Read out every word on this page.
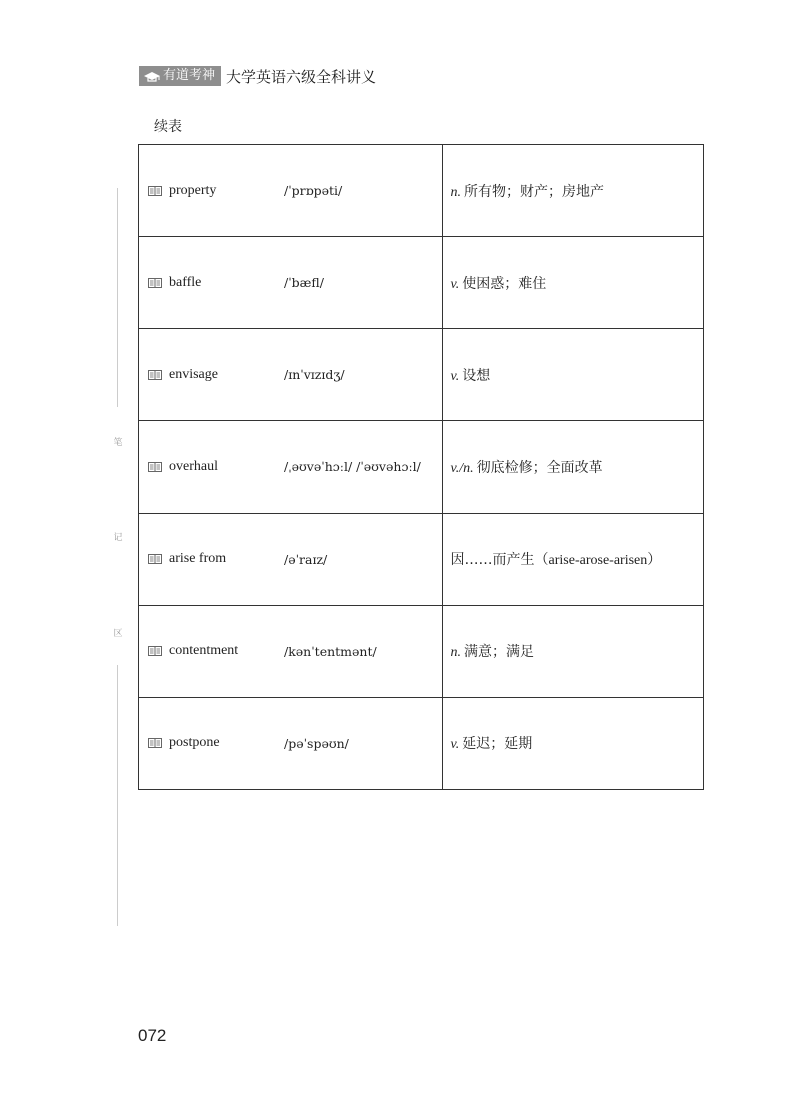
有道考神 大学英语六级全科讲义
续表
笔
记
区
property /ˈprɒpəti/	n. 所有物；财产；房地产

baffle /ˈbæfl/	v. 使困惑；难住

envisage /ɪnˈvɪzɪdʒ/	v. 设想

overhaul /ˌəʊvəˈhɔːl/ /ˈəʊvəhɔːl/	v./n. 彻底检修；全面改革

arise from /əˈraɪz/	因……而产生（arise-arose-arisen）

contentment /kənˈtentmənt/	n. 满意；满足

postpone /pəˈspəʊn/	v. 延迟；延期
072
